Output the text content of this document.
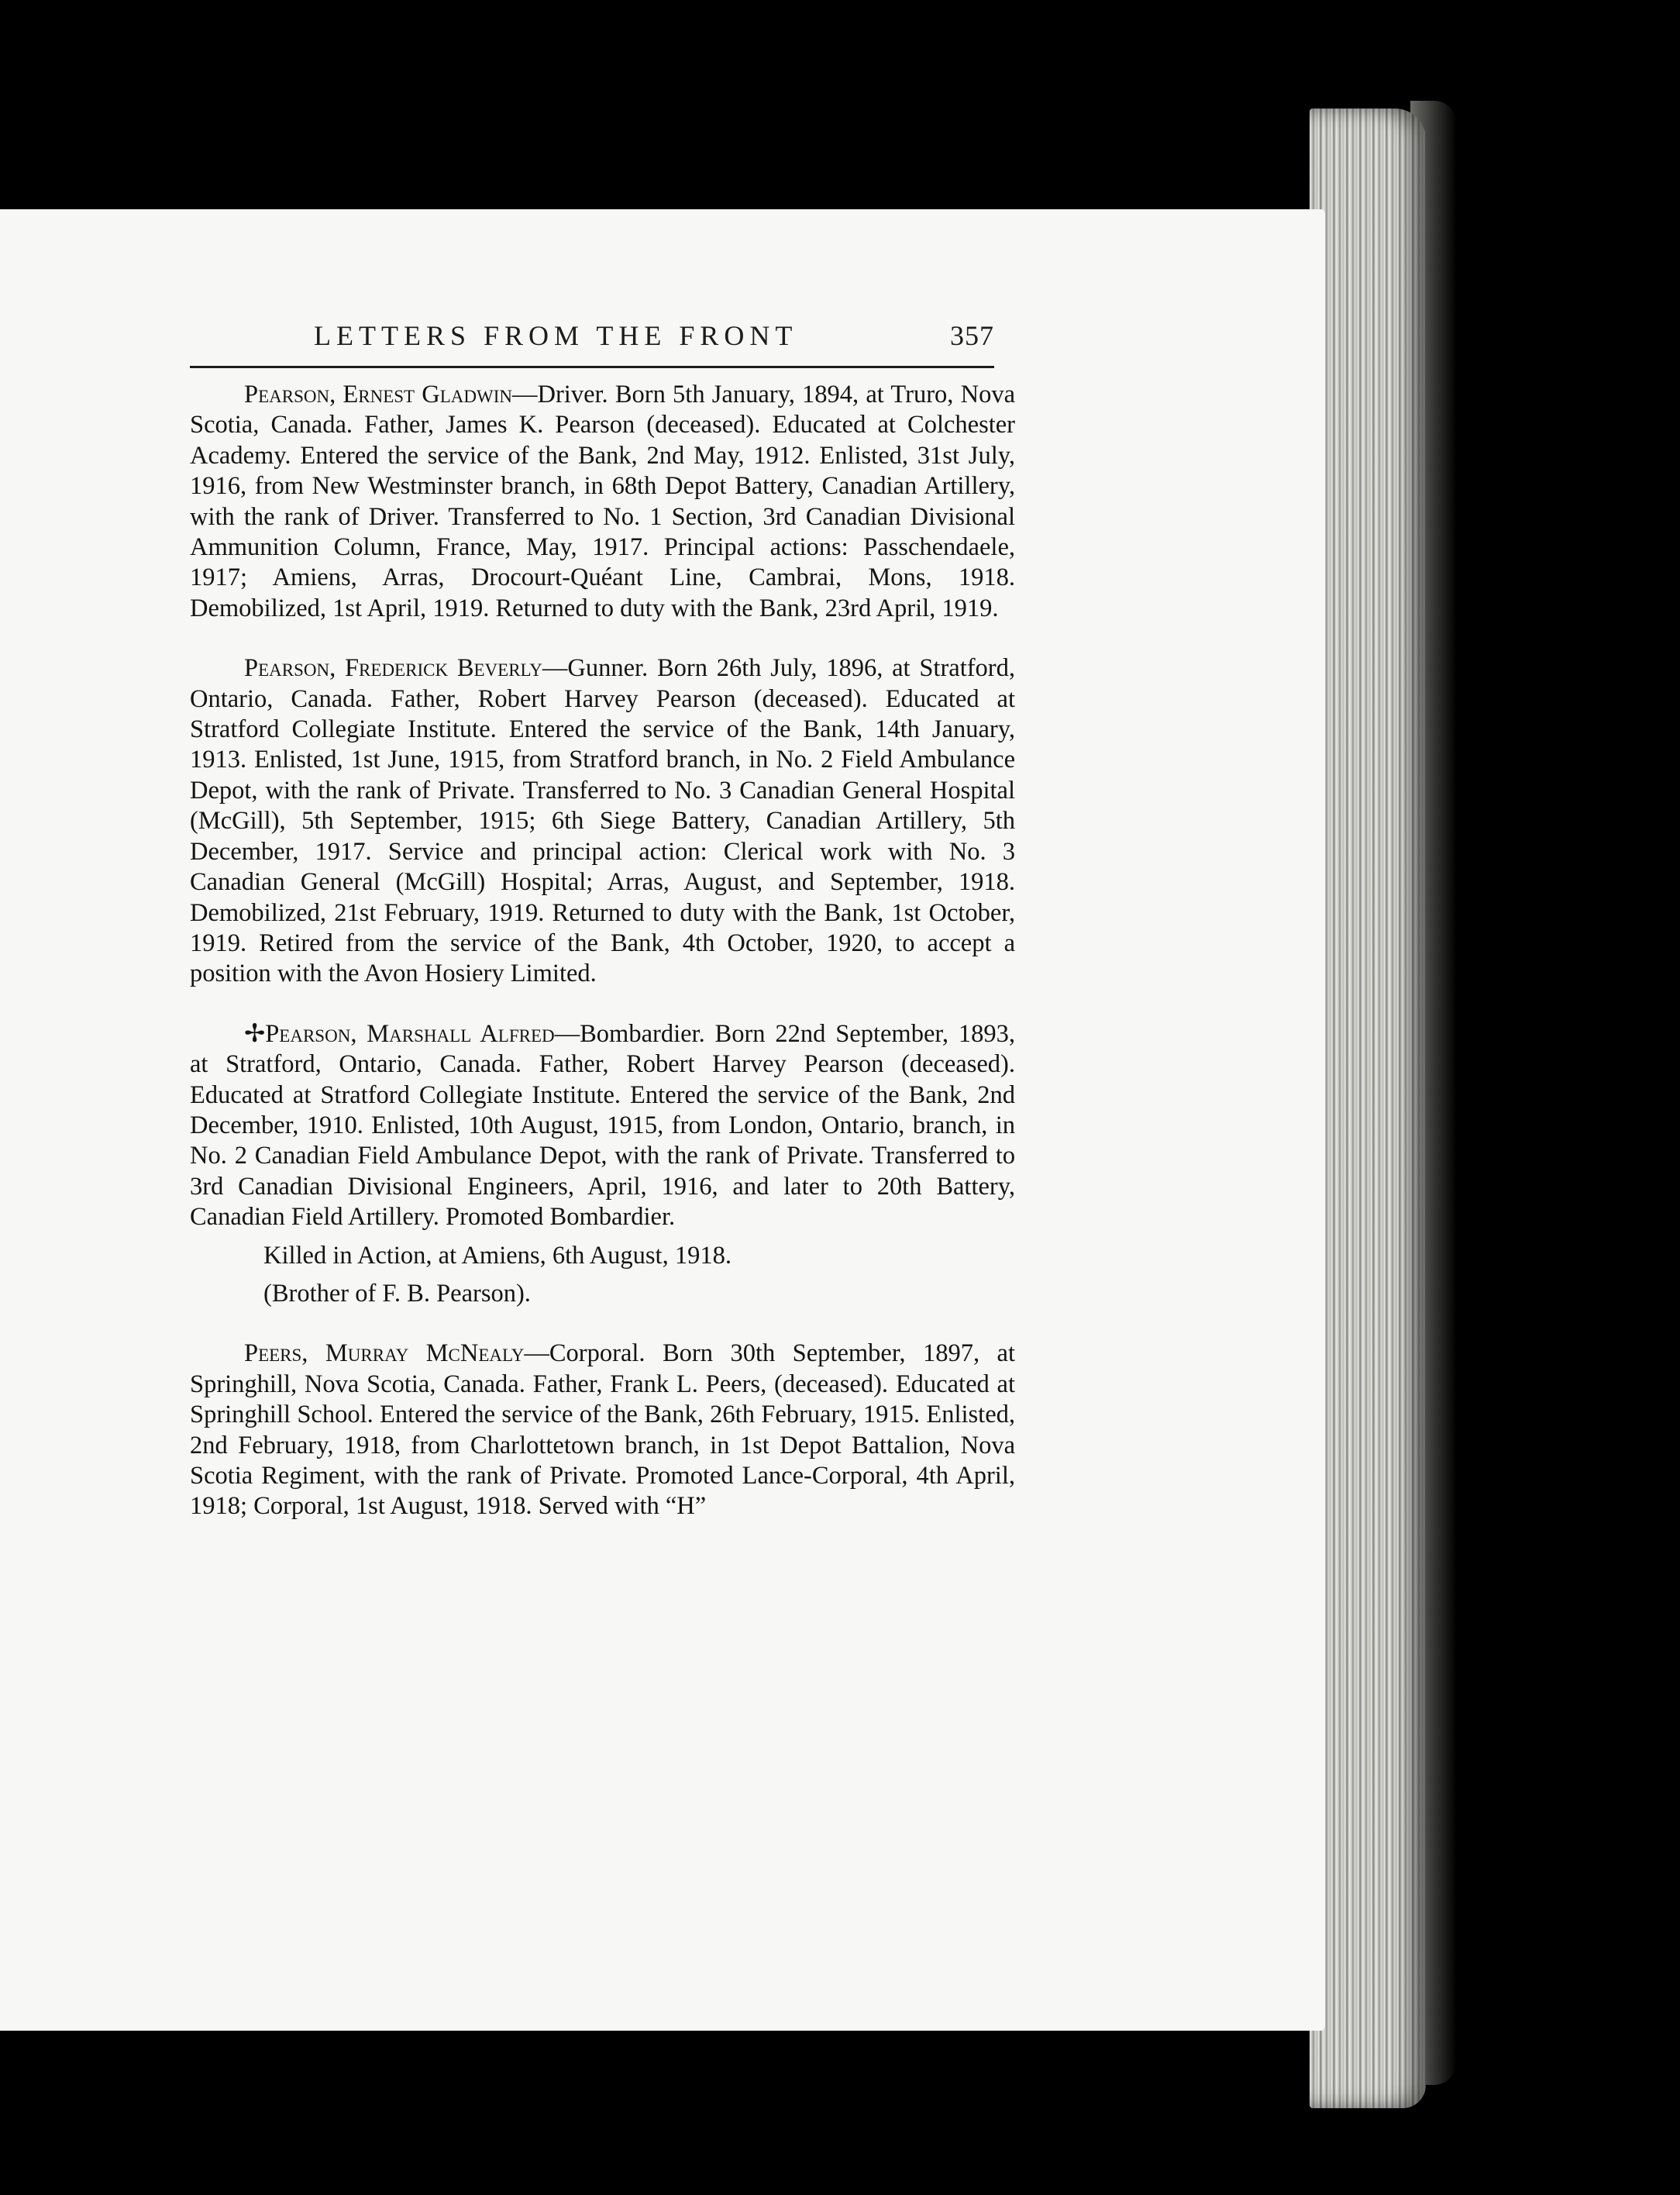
LETTERS FROM THE FRONT	357

Pearson, Ernest Gladwin—Driver. Born 5th January, 1894, at Truro, Nova Scotia, Canada. Father, James K. Pearson (deceased). Educated at Colchester Academy. Entered the service of the Bank, 2nd May, 1912. Enlisted, 31st July, 1916, from New Westminster branch, in 68th Depot Battery, Canadian Artillery, with the rank of Driver. Transferred to No. 1 Section, 3rd Canadian Divisional Ammunition Column, France, May, 1917. Principal actions: Passchendaele, 1917; Amiens, Arras, Drocourt-Quéant Line, Cambrai, Mons, 1918. Demobilized, 1st April, 1919. Returned to duty with the Bank, 23rd April, 1919.

Pearson, Frederick Beverly—Gunner. Born 26th July, 1896, at Stratford, Ontario, Canada. Father, Robert Harvey Pearson (deceased). Educated at Stratford Collegiate Institute. Entered the service of the Bank, 14th January, 1913. Enlisted, 1st June, 1915, from Stratford branch, in No. 2 Field Ambulance Depot, with the rank of Private. Transferred to No. 3 Canadian General Hospital (McGill), 5th September, 1915; 6th Siege Battery, Canadian Artillery, 5th December, 1917. Service and principal action: Clerical work with No. 3 Canadian General (McGill) Hospital; Arras, August, and September, 1918. Demobilized, 21st February, 1919. Returned to duty with the Bank, 1st October, 1919. Retired from the service of the Bank, 4th October, 1920, to accept a position with the Avon Hosiery Limited.

✢Pearson, Marshall Alfred—Bombardier. Born 22nd September, 1893, at Stratford, Ontario, Canada. Father, Robert Harvey Pearson (deceased). Educated at Stratford Collegiate Institute. Entered the service of the Bank, 2nd December, 1910. Enlisted, 10th August, 1915, from London, Ontario, branch, in No. 2 Canadian Field Ambulance Depot, with the rank of Private. Transferred to 3rd Canadian Divisional Engineers, April, 1916, and later to 20th Battery, Canadian Field Artillery. Promoted Bombardier.

Killed in Action, at Amiens, 6th August, 1918.

(Brother of F. B. Pearson).

Peers, Murray McNealy—Corporal. Born 30th September, 1897, at Springhill, Nova Scotia, Canada. Father, Frank L. Peers, (deceased). Educated at Springhill School. Entered the service of the Bank, 26th February, 1915. Enlisted, 2nd February, 1918, from Charlottetown branch, in 1st Depot Battalion, Nova Scotia Regiment, with the rank of Private. Promoted Lance-Corporal, 4th April, 1918; Corporal, 1st August, 1918. Served with “H”
